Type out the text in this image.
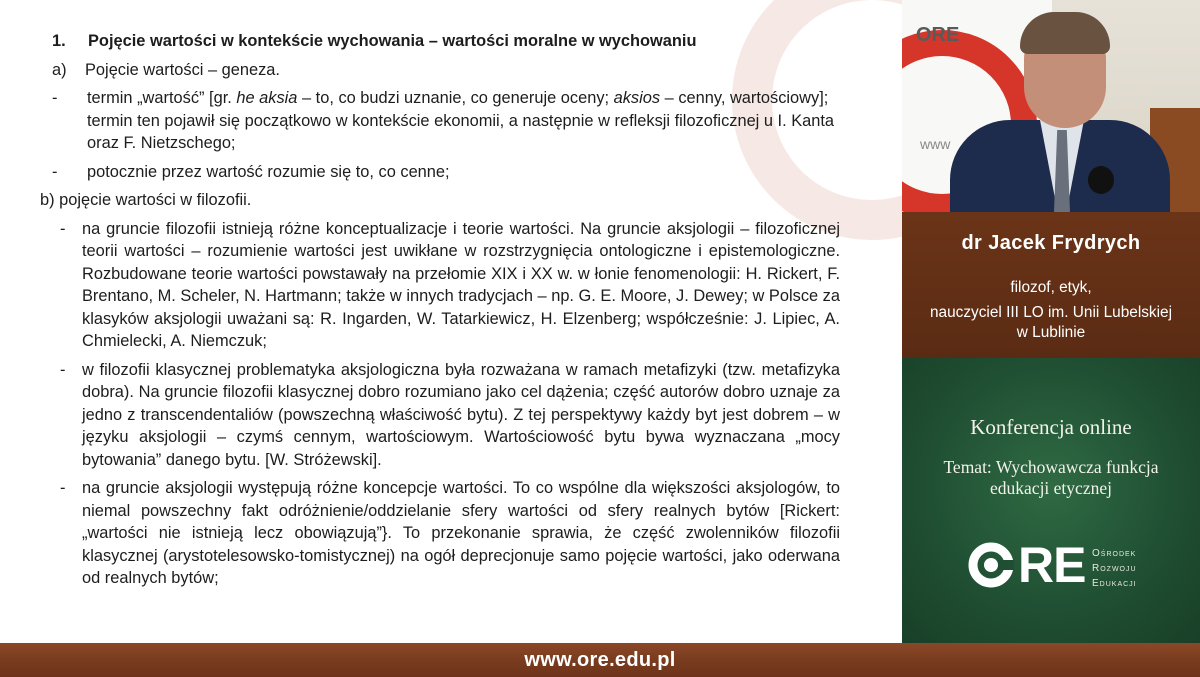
1. Pojęcie wartości w kontekście wychowania – wartości moralne w wychowaniu
a)	Pojęcie wartości – geneza.
-	termin „wartość” [gr. he aksia – to, co budzi uznanie, co generuje oceny; aksios – cenny, wartościowy]; termin ten pojawił się początkowo w kontekście ekonomii, a następnie w refleksji filozoficznej u I. Kanta oraz F. Nietzschego;
-	potocznie przez wartość rozumie się to, co cenne;
b) pojęcie wartości w filozofii.
- na gruncie filozofii istnieją różne konceptualizacje i teorie wartości. Na gruncie aksjologii – filozoficznej teorii wartości – rozumienie wartości jest uwikłane w rozstrzygnięcia ontologiczne i epistemologiczne. Rozbudowane teorie wartości powstawały na przełomie XIX i XX w. w łonie fenomenologii: H. Rickert, F. Brentano, M. Scheler, N. Hartmann; także w innych tradycjach – np. G. E. Moore, J. Dewey; w Polsce za klasyków aksjologii uważani są: R. Ingarden, W. Tatarkiewicz, H. Elzenberg; współcześnie: J. Lipiec, A. Chmielecki, A. Niemczuk;
- w filozofii klasycznej problematyka aksjologiczna była rozważana w ramach metafizyki (tzw. metafizyka dobra). Na gruncie filozofii klasycznej dobro rozumiano jako cel dążenia; część autorów dobro uznaje za jedno z transcendentaliów (powszechną właściwość bytu). Z tej perspektywy każdy byt jest dobrem – w języku aksjologii – czymś cennym, wartościowym. Wartościowość bytu bywa wyznaczana „mocy bytowania” danego bytu. [W. Stróżewski].
- na gruncie aksjologii występują różne koncepcje wartości. To co wspólne dla większości aksjologów, to niemal powszechny fakt odróżnienie/oddzielanie sfery wartości od sfery realnych bytów [Rickert: „wartości nie istnieją lecz obowiązują”}. To przekonanie sprawia, że część zwolenników filozofii klasycznej (arystotelesowsko-tomistycznej) na ogół deprecjonuje samo pojęcie wartości, jako oderwana od realnych bytów;
ORE
www
dr Jacek Frydrych
filozof, etyk,
nauczyciel III LO im. Unii Lubelskiej
w Lublinie
Konferencja online
Temat: Wychowawcza funkcja
edukacji etycznej
RE Ośrodek
Rozwoju
Edukacji
www.ore.edu.pl
